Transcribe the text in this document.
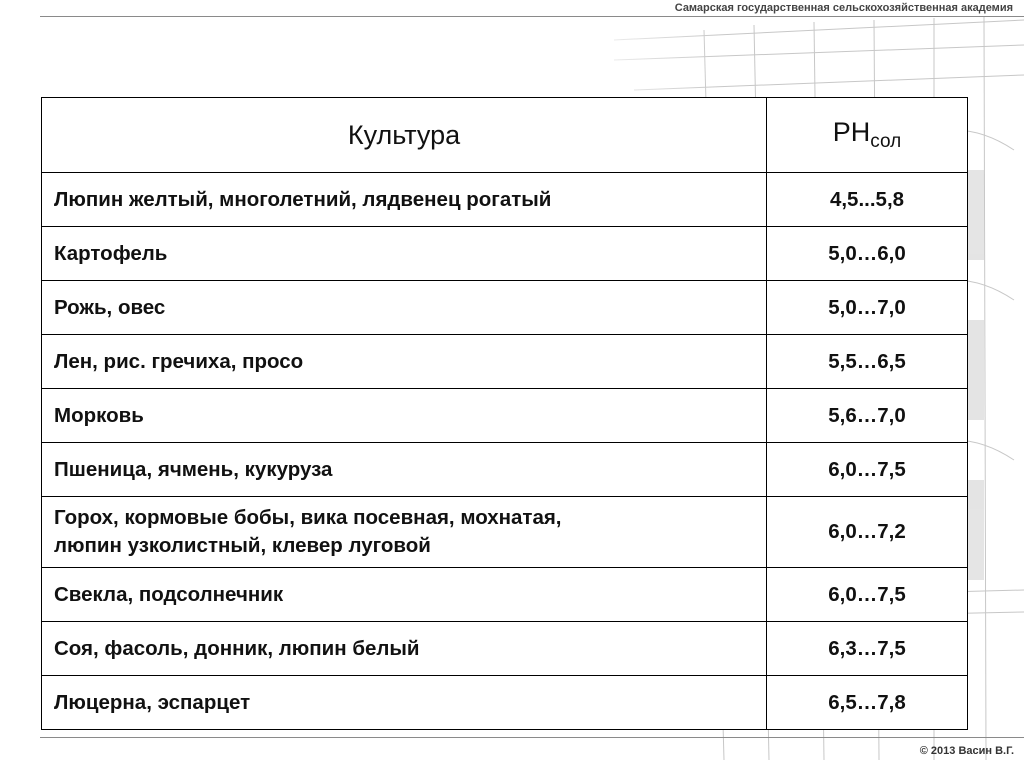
Самарская государственная сельскохозяйственная академия
Культура	$PH_{сол}$
Люпин желтый, многолетний, лядвенец рогатый	4,5...5,8
Картофель	5,0…6,0
Рожь, овес	5,0…7,0
Лен, рис. гречиха, просо	5,5…6,5
Морковь	5,6…7,0
Пшеница, ячмень, кукуруза	6,0…7,5
Горох, кормовые бобы, вика посевная, мохнатая,
люпин узколистный, клевер луговой	6,0…7,2
Свекла, подсолнечник	6,0…7,5
Соя, фасоль, донник, люпин белый	6,3…7,5
Люцерна, эспарцет	6,5…7,8
© 2013 Васин В.Г.
